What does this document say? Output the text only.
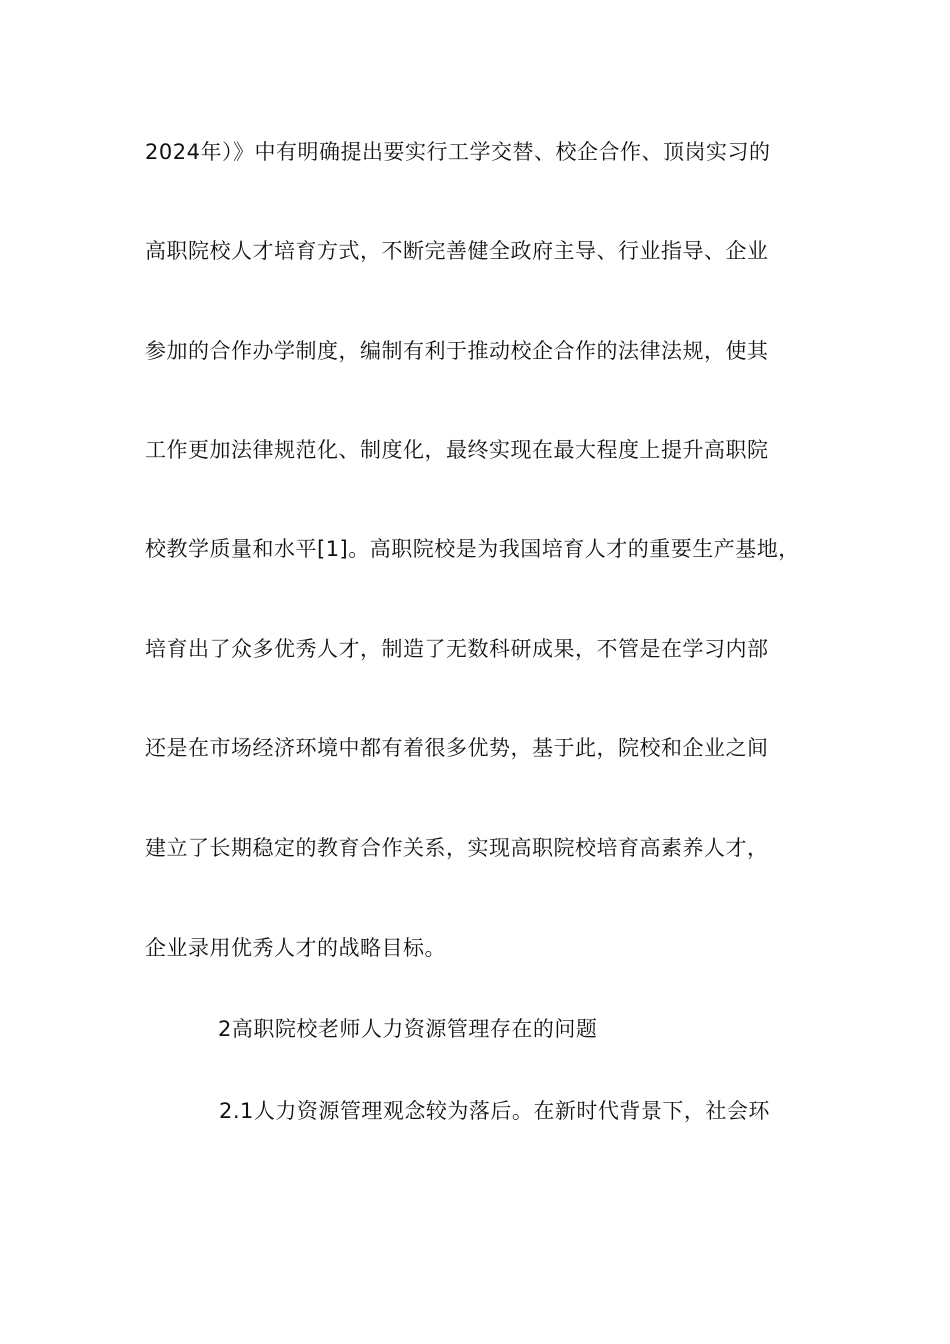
2024年）》中有明确提出要实行工学交替、校企合作、顶岗实习的
高职院校人才培育方式，不断完善健全政府主导、行业指导、企业
参加的合作办学制度，编制有利于推动校企合作的法律法规，使其
工作更加法律规范化、制度化，最终实现在最大程度上提升高职院
校教学质量和水平[1]。高职院校是为我国培育人才的重要生产基地，
培育出了众多优秀人才，制造了无数科研成果，不管是在学习内部
还是在市场经济环境中都有着很多优势，基于此，院校和企业之间
建立了长期稳定的教育合作关系，实现高职院校培育高素养人才，
企业录用优秀人才的战略目标。
2高职院校老师人力资源管理存在的问题
2.1人力资源管理观念较为落后。在新时代背景下，社会环
